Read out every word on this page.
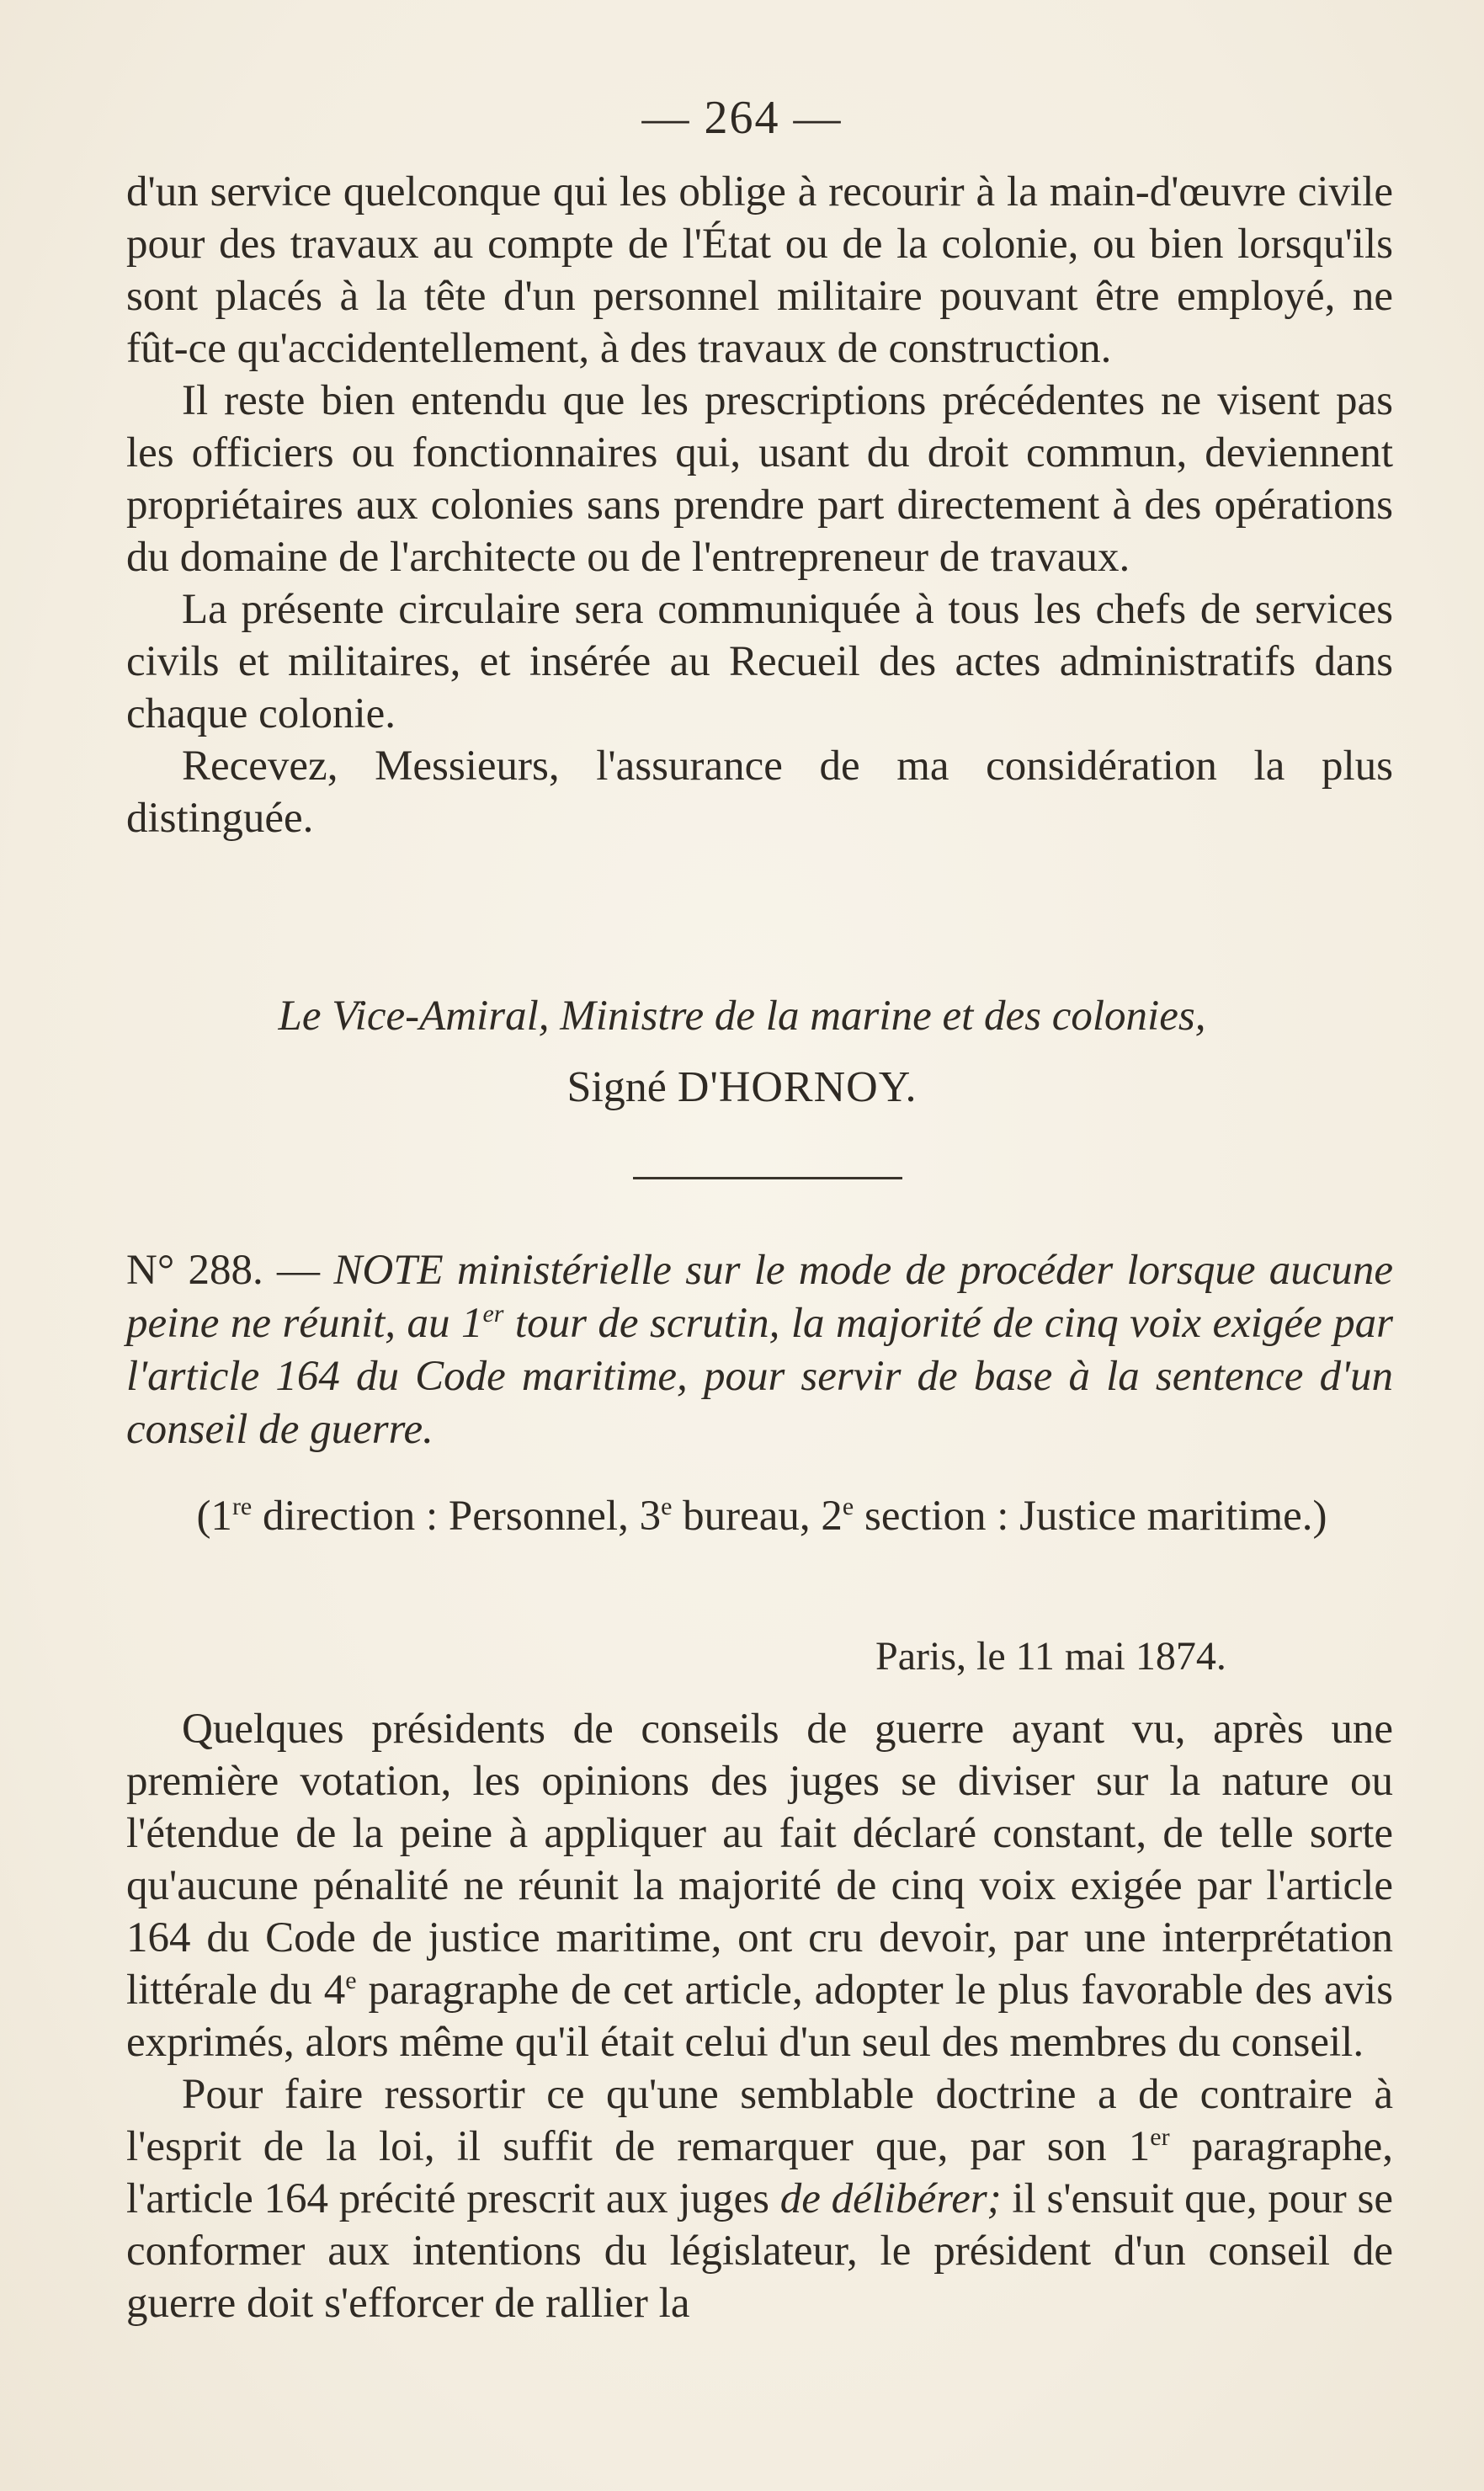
— 264 —

d'un service quelconque qui les oblige à recourir à la main-d'œuvre civile pour des travaux au compte de l'État ou de la colonie, ou bien lorsqu'ils sont placés à la tête d'un personnel militaire pouvant être employé, ne fût-ce qu'accidentellement, à des travaux de construction.

Il reste bien entendu que les prescriptions précédentes ne visent pas les officiers ou fonctionnaires qui, usant du droit commun, deviennent propriétaires aux colonies sans prendre part directement à des opérations du domaine de l'architecte ou de l'entrepreneur de travaux.

La présente circulaire sera communiquée à tous les chefs de services civils et militaires, et insérée au Recueil des actes administratifs dans chaque colonie.

Recevez, Messieurs, l'assurance de ma considération la plus distinguée.

Le Vice-Amiral, Ministre de la marine et des colonies,
Signé D'HORNOY.
N° 288. — NOTE ministérielle sur le mode de procéder lorsque aucune peine ne réunit, au 1er tour de scrutin, la majorité de cinq voix exigée par l'article 164 du Code maritime, pour servir de base à la sentence d'un conseil de guerre.
(1re direction : Personnel, 3e bureau, 2e section : Justice maritime.)
Paris, le 11 mai 1874.

Quelques présidents de conseils de guerre ayant vu, après une première votation, les opinions des juges se diviser sur la nature ou l'étendue de la peine à appliquer au fait déclaré constant, de telle sorte qu'aucune pénalité ne réunit la majorité de cinq voix exigée par l'article 164 du Code de justice maritime, ont cru devoir, par une interprétation littérale du 4e paragraphe de cet article, adopter le plus favorable des avis exprimés, alors même qu'il était celui d'un seul des membres du conseil.

Pour faire ressortir ce qu'une semblable doctrine a de contraire à l'esprit de la loi, il suffit de remarquer que, par son 1er paragraphe, l'article 164 précité prescrit aux juges de délibérer; il s'ensuit que, pour se conformer aux intentions du législateur, le président d'un conseil de guerre doit s'efforcer de rallier la
